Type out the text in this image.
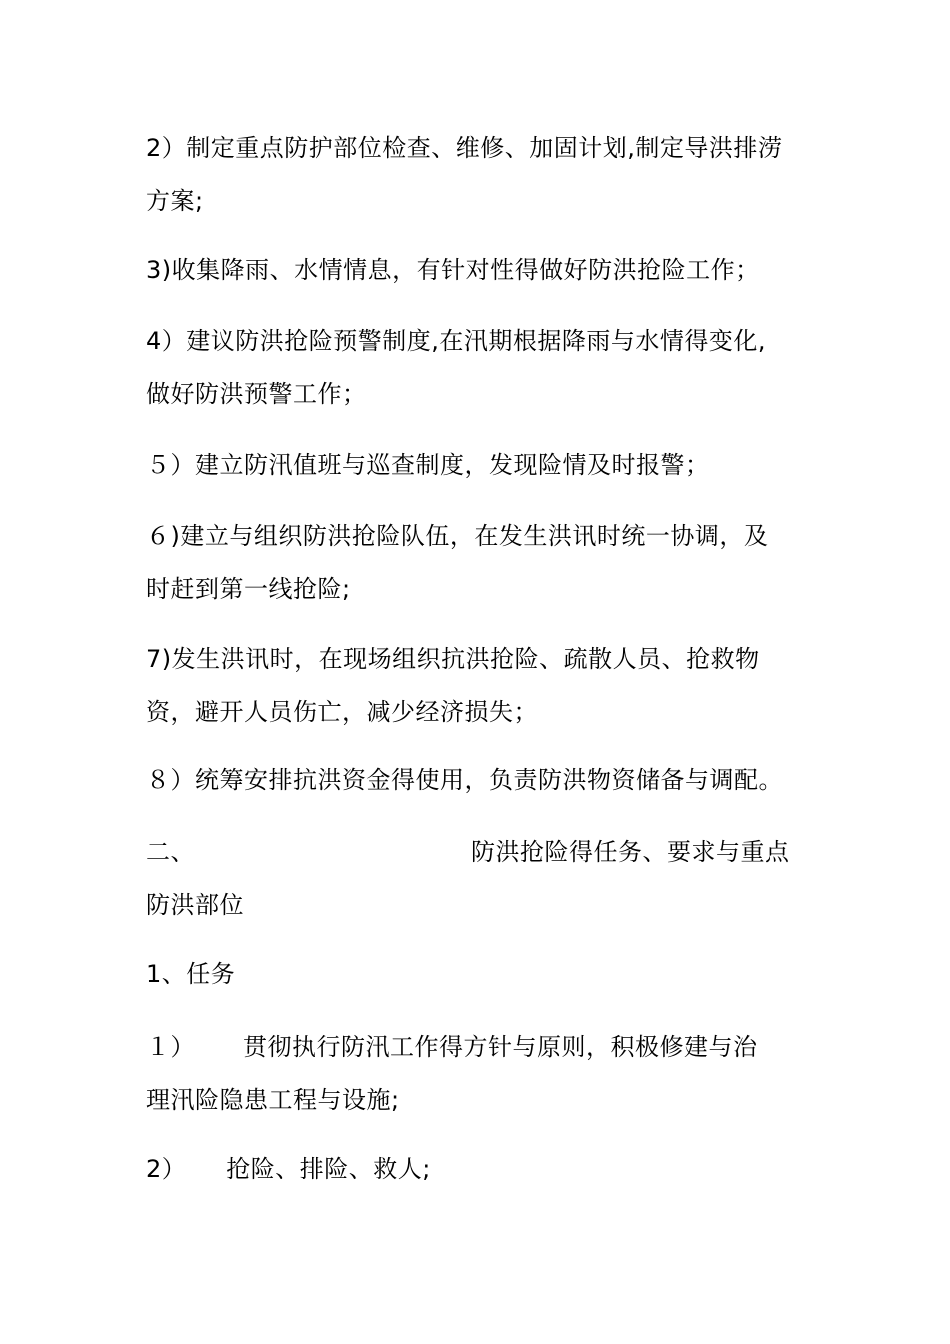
2）制定重点防护部位检查、维修、加固计划,制定导洪排涝
方案;

3)收集降雨、水情情息，有针对性得做好防洪抢险工作；

4）建议防洪抢险预警制度,在汛期根据降雨与水情得变化,
做好防洪预警工作；

５）建立防汛值班与巡查制度，发现险情及时报警；

６)建立与组织防洪抢险队伍，在发生洪讯时统一协调，及
时赶到第一线抢险;

7)发生洪讯时，在现场组织抗洪抢险、疏散人员、抢救物
资，避开人员伤亡，减少经济损失；

８）统筹安排抗洪资金得使用，负责防洪物资储备与调配。

二、	防洪抢险得任务、要求与重点
防洪部位

1、任务

１） 贯彻执行防汛工作得方针与原则，积极修建与治
理汛险隐患工程与设施;

2） 抢险、排险、救人;
